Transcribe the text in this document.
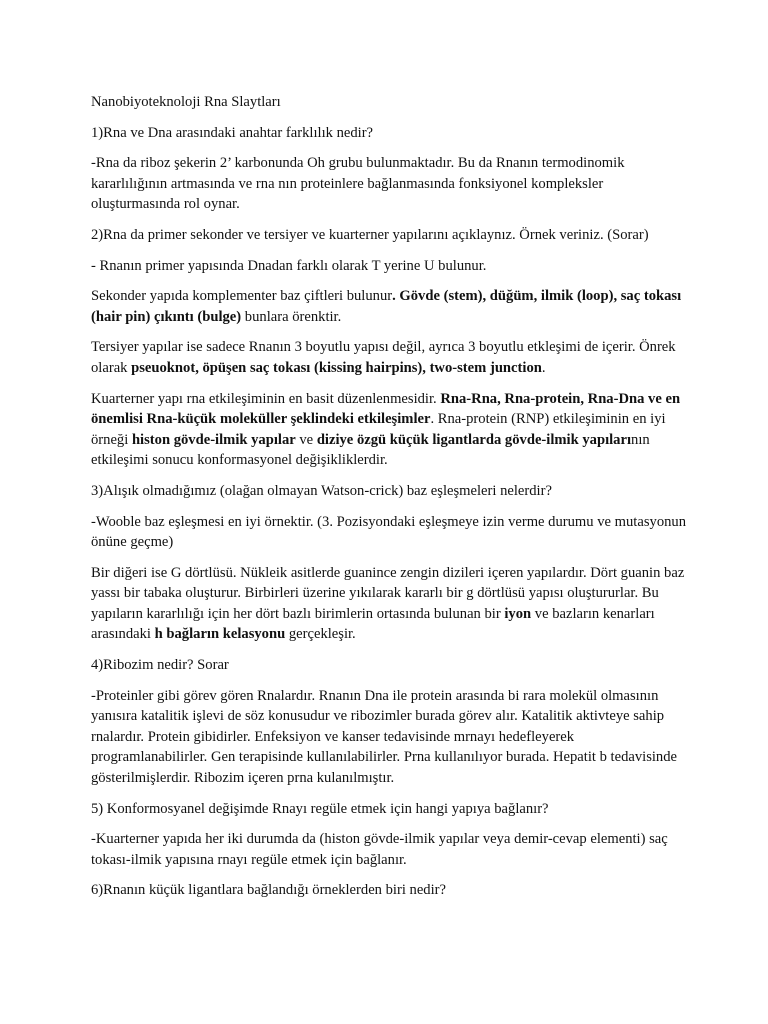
Nanobiyoteknoloji Rna Slaytları

1)Rna ve Dna arasındaki anahtar farklılık nedir?

-Rna da riboz şekerin 2’ karbonunda Oh grubu bulunmaktadır. Bu da Rnanın termodinomik kararlılığının artmasında ve rna nın proteinlere bağlanmasında fonksiyonel kompleksler oluşturmasında rol oynar.

2)Rna da primer sekonder ve tersiyer ve kuarterner yapılarını açıklaynız. Örnek veriniz. (Sorar)

- Rnanın primer yapısında Dnadan farklı olarak T yerine U bulunur.

Sekonder yapıda komplementer baz çiftleri bulunur. Gövde (stem), düğüm, ilmik (loop), saç tokası (hair pin) çıkıntı (bulge) bunlara örenktir.

Tersiyer yapılar ise sadece Rnanın 3 boyutlu yapısı değil, ayrıca 3 boyutlu etkleşimi de içerir. Önrek olarak pseuoknot, öpüşen saç tokası (kissing hairpins), two-stem junction.

Kuarterner yapı rna etkileşiminin en basit düzenlenmesidir. Rna-Rna, Rna-protein, Rna-Dna ve en önemlisi Rna-küçük moleküller şeklindeki etkileşimler. Rna-protein (RNP) etkileşiminin en iyi örneği histon gövde-ilmik yapılar ve diziye özgü küçük ligantlarda gövde-ilmik yapılarının etkileşimi sonucu konformasyonel değişikliklerdir.

3)Alışık olmadığımız (olağan olmayan Watson-crick) baz eşleşmeleri nelerdir?

-Wooble baz eşleşmesi en iyi örnektir. (3. Pozisyondaki eşleşmeye izin verme durumu ve mutasyonun önüne geçme)

Bir diğeri ise G dörtlüsü. Nükleik asitlerde guanince zengin dizileri içeren yapılardır. Dört guanin baz yassı bir tabaka oluşturur. Birbirleri üzerine yıkılarak kararlı bir g dörtlüsü yapısı oluştururlar. Bu yapıların kararlılığı için her dört bazlı birimlerin ortasında bulunan bir iyon ve bazların kenarları arasındaki h bağların kelasyonu gerçekleşir.

4)Ribozim nedir? Sorar

-Proteinler gibi görev gören Rnalardır. Rnanın Dna ile protein arasında bi rara molekül olmasının yanısıra katalitik işlevi de söz konusudur ve ribozimler burada görev alır. Katalitik aktivteye sahip rnalardır. Protein gibidirler. Enfeksiyon ve kanser tedavisinde mrnayı hedefleyerek programlanabilirler. Gen terapisinde kullanılabilirler. Prna kullanılıyor burada. Hepatit b tedavisinde gösterilmişlerdir. Ribozim içeren prna kulanılmıştır.

5) Konformosyanel değişimde Rnayı regüle etmek için hangi yapıya bağlanır?

-Kuarterner yapıda her iki durumda da (histon gövde-ilmik yapılar veya demir-cevap elementi) saç tokası-ilmik yapısına rnayı regüle etmek için bağlanır.

6)Rnanın küçük ligantlara bağlandığı örneklerden biri nedir?
